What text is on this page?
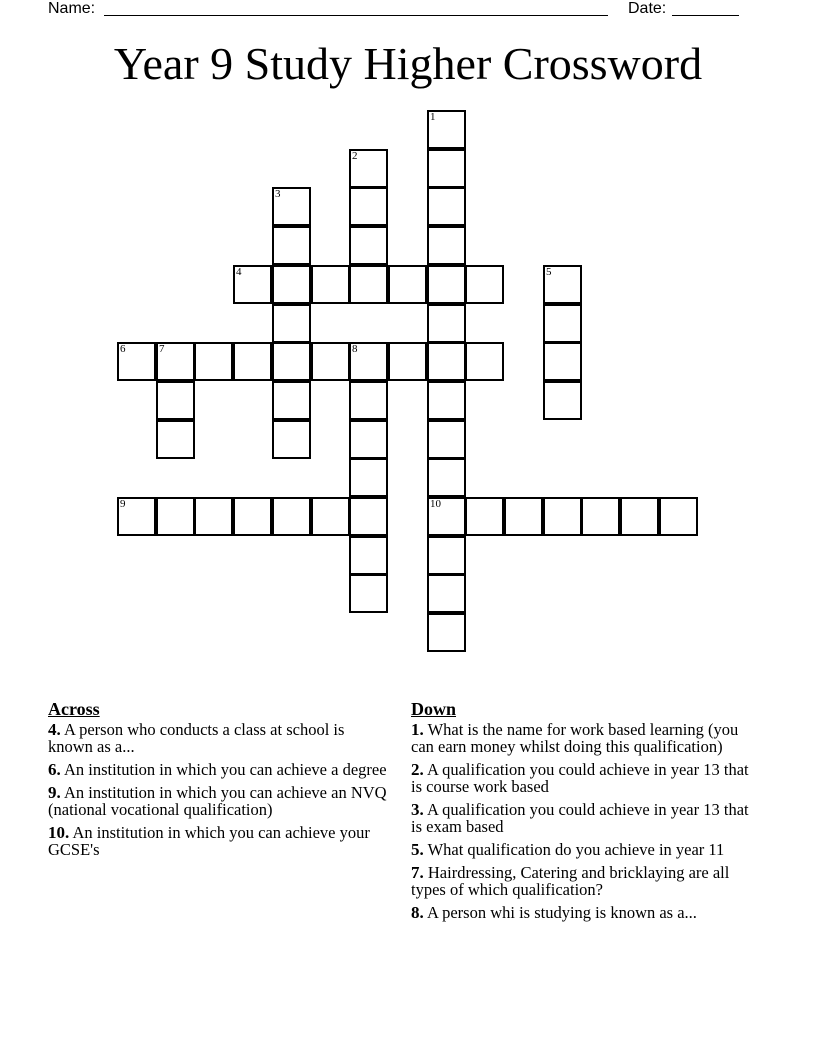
Name:	Date:
Year 9 Study Higher Crossword
1
10
2
3
4	5
6	7	8
9
Across
4. A person who conducts a class at school is known as a...
6. An institution in which you can achieve a degree
9. An institution in which you can achieve an NVQ (national vocational qualification)
10. An institution in which you can achieve your GCSE's
Down
1. What is the name for work based learning (you can earn money whilst doing this qualification)
2. A qualification you could achieve in year 13 that is course work based
3. A qualification you could achieve in year 13 that is exam based
5. What qualification do you achieve in year 11
7. Hairdressing, Catering and bricklaying are all types of which qualification?
8. A person whi is studying is known as a...
